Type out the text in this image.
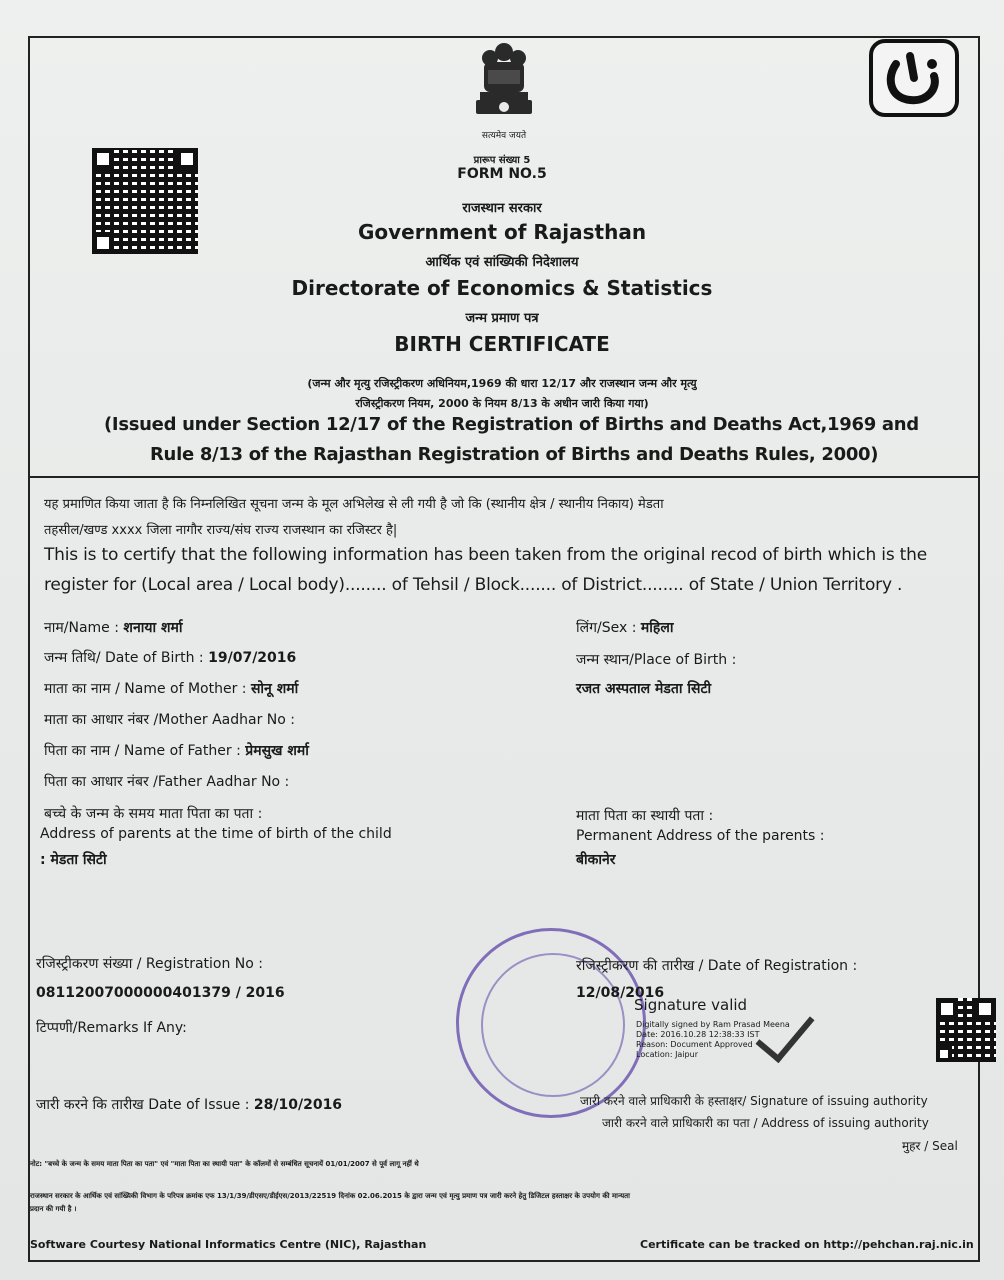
सत्यमेव जयते
प्रारूप संख्या 5
FORM NO.5
राजस्थान सरकार
Government of Rajasthan
आर्थिक एवं सांख्यिकी निदेशालय
Directorate of Economics & Statistics
जन्म प्रमाण पत्र
BIRTH CERTIFICATE
(जन्म और मृत्यु रजिस्ट्रीकरण अधिनियम,1969 की धारा 12/17 और राजस्थान जन्म और मृत्यु
रजिस्ट्रीकरण नियम, 2000 के नियम 8/13 के अधीन जारी किया गया)
(Issued under Section 12/17 of the Registration of Births and Deaths Act,1969 and
Rule 8/13 of the Rajasthan Registration of Births and Deaths Rules, 2000)
यह प्रमाणित किया जाता है कि निम्नलिखित सूचना जन्म के मूल अभिलेख से ली गयी है जो कि (स्थानीय क्षेत्र / स्थानीय निकाय) मेडता
तहसील/खण्ड xxxx जिला नागौर राज्य/संघ राज्य राजस्थान का रजिस्टर है|
This is to certify that the following information has been taken from the original recod of birth which is the
register for (Local area / Local body)........ of Tehsil / Block....... of District........ of State / Union Territory .
नाम/Name : शनाया शर्मा
जन्म तिथि/ Date of Birth : 19/07/2016
माता का नाम / Name of Mother : सोनू शर्मा
माता का आधार नंबर /Mother Aadhar No :
पिता का नाम / Name of Father : प्रेमसुख शर्मा
पिता का आधार नंबर /Father Aadhar No :
बच्चे के जन्म के समय माता पिता का पता :
Address of parents at the time of birth of the child
: मेडता सिटी
लिंग/Sex : महिला
जन्म स्थान/Place of Birth :
रजत अस्पताल मेडता सिटी
माता पिता का स्थायी पता :
Permanent Address of the parents :
बीकानेर
रजिस्ट्रीकरण संख्या / Registration No :
08112007000000401379 / 2016
टिप्पणी/Remarks If Any:
जारी करने कि तारीख Date of Issue : 28/10/2016
रजिस्ट्रीकरण की तारीख / Date of Registration :
12/08/2016
Signature valid
Digitally signed by Ram Prasad Meena
Date: 2016.10.28 12:38:33 IST
Reason: Document Approved
Location: Jaipur
जारी करने वाले प्राधिकारी के हस्ताक्षर/ Signature of issuing authority
जारी करने वाले प्राधिकारी का पता / Address of issuing authority
मुहर / Seal
नोट: "बच्चे के जन्म के समय माता पिता का पता" एवं "माता पिता का स्थायी पता" के कॉलमों से सम्बंधित सूचनायें 01/01/2007 से पूर्व लागू नहीं थे
राजस्थान सरकार के आर्थिक एवं सांख्यिकी विभाग के परिपत्र क्रमांक एफ 13/1/39/डीएसए/डीईएस/2013/22519 दिनांक 02.06.2015 के द्वारा जन्म एवं मृत्यु प्रमाण पत्र जारी करने हेतु डिजिटल हस्ताक्षर के उपयोग की मान्यता
प्रदान की गयी है ।
Software Courtesy National Informatics Centre (NIC), Rajasthan	Certificate can be tracked on http://pehchan.raj.nic.in
